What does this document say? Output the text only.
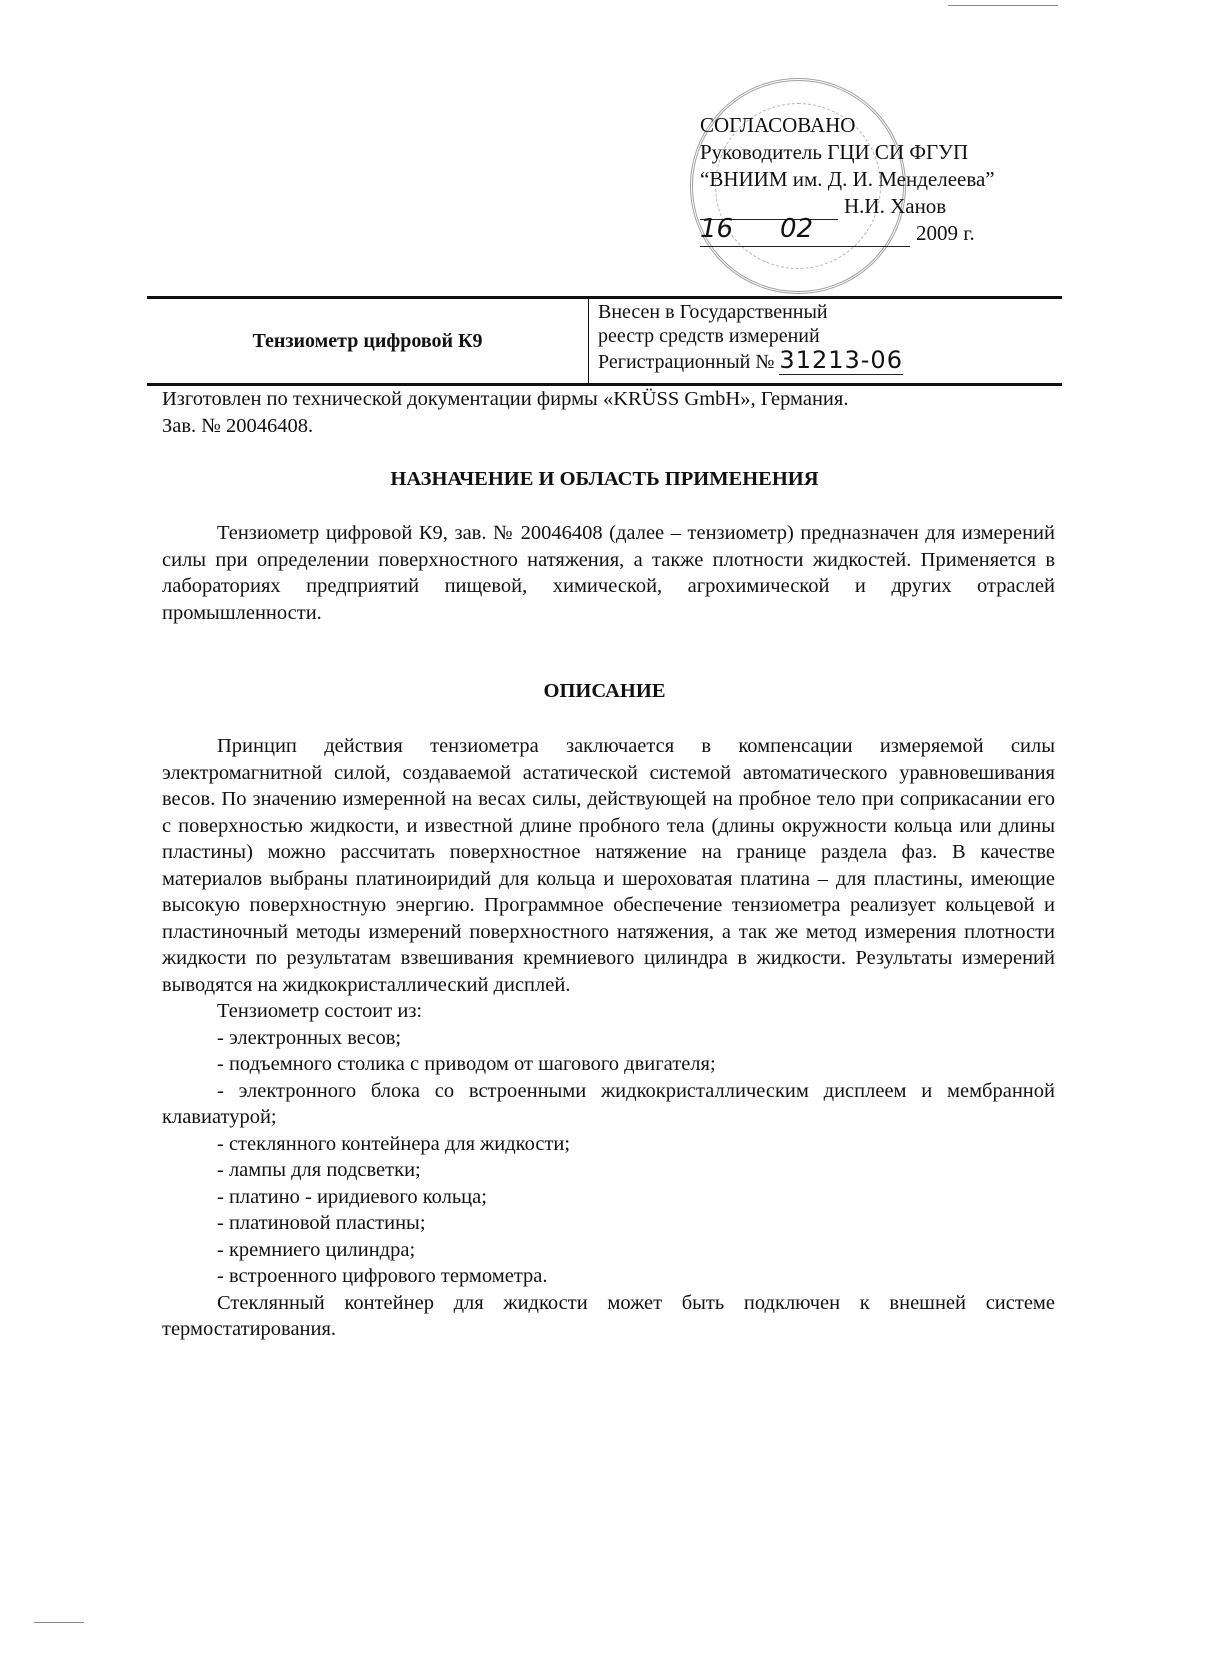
СОГЛАСОВАНО
Руководитель ГЦИ СИ ФГУП
“ВНИИМ им. Д. И. Менделеева”
Н.И. Ханов
16 02	2009 г.
Тензиометр цифровой К9
Внесен в Государственный
реестр средств измерений
Регистрационный № 31213-06
Изготовлен по технической документации фирмы «KRÜSS GmbH», Германия.
Зав. № 20046408.
НАЗНАЧЕНИЕ И ОБЛАСТЬ ПРИМЕНЕНИЯ
Тензиометр цифровой К9, зав. № 20046408 (далее – тензиометр) предназначен для измерений силы при определении поверхностного натяжения, а также плотности жидкостей. Применяется в лабораториях предприятий пищевой, химической, агрохимической и других отраслей промышленности.
ОПИСАНИЕ
Принцип действия тензиометра заключается в компенсации измеряемой силы электромагнитной силой, создаваемой астатической системой автоматического уравновешивания весов. По значению измеренной на весах силы, действующей на пробное тело при соприкасании его с поверхностью жидкости, и известной длине пробного тела (длины окружности кольца или длины пластины) можно рассчитать поверхностное натяжение на границе раздела фаз. В качестве материалов выбраны платиноиридий для кольца и шероховатая платина – для пластины, имеющие высокую поверхностную энергию. Программное обеспечение тензиометра реализует кольцевой и пластиночный методы измерений поверхностного натяжения, а так же метод измерения плотности жидкости по результатам взвешивания кремниевого цилиндра в жидкости. Результаты измерений выводятся на жидкокристаллический дисплей.
Тензиометр состоит из:
- электронных весов;
- подъемного столика с приводом от шагового двигателя;
- электронного блока со встроенными жидкокристаллическим дисплеем и мембранной клавиатурой;
- стеклянного контейнера для жидкости;
- лампы для подсветки;
- платино - иридиевого кольца;
- платиновой пластины;
- кремниего цилиндра;
- встроенного цифрового термометра.
Стеклянный контейнер для жидкости может быть подключен к внешней системе термостатирования.
